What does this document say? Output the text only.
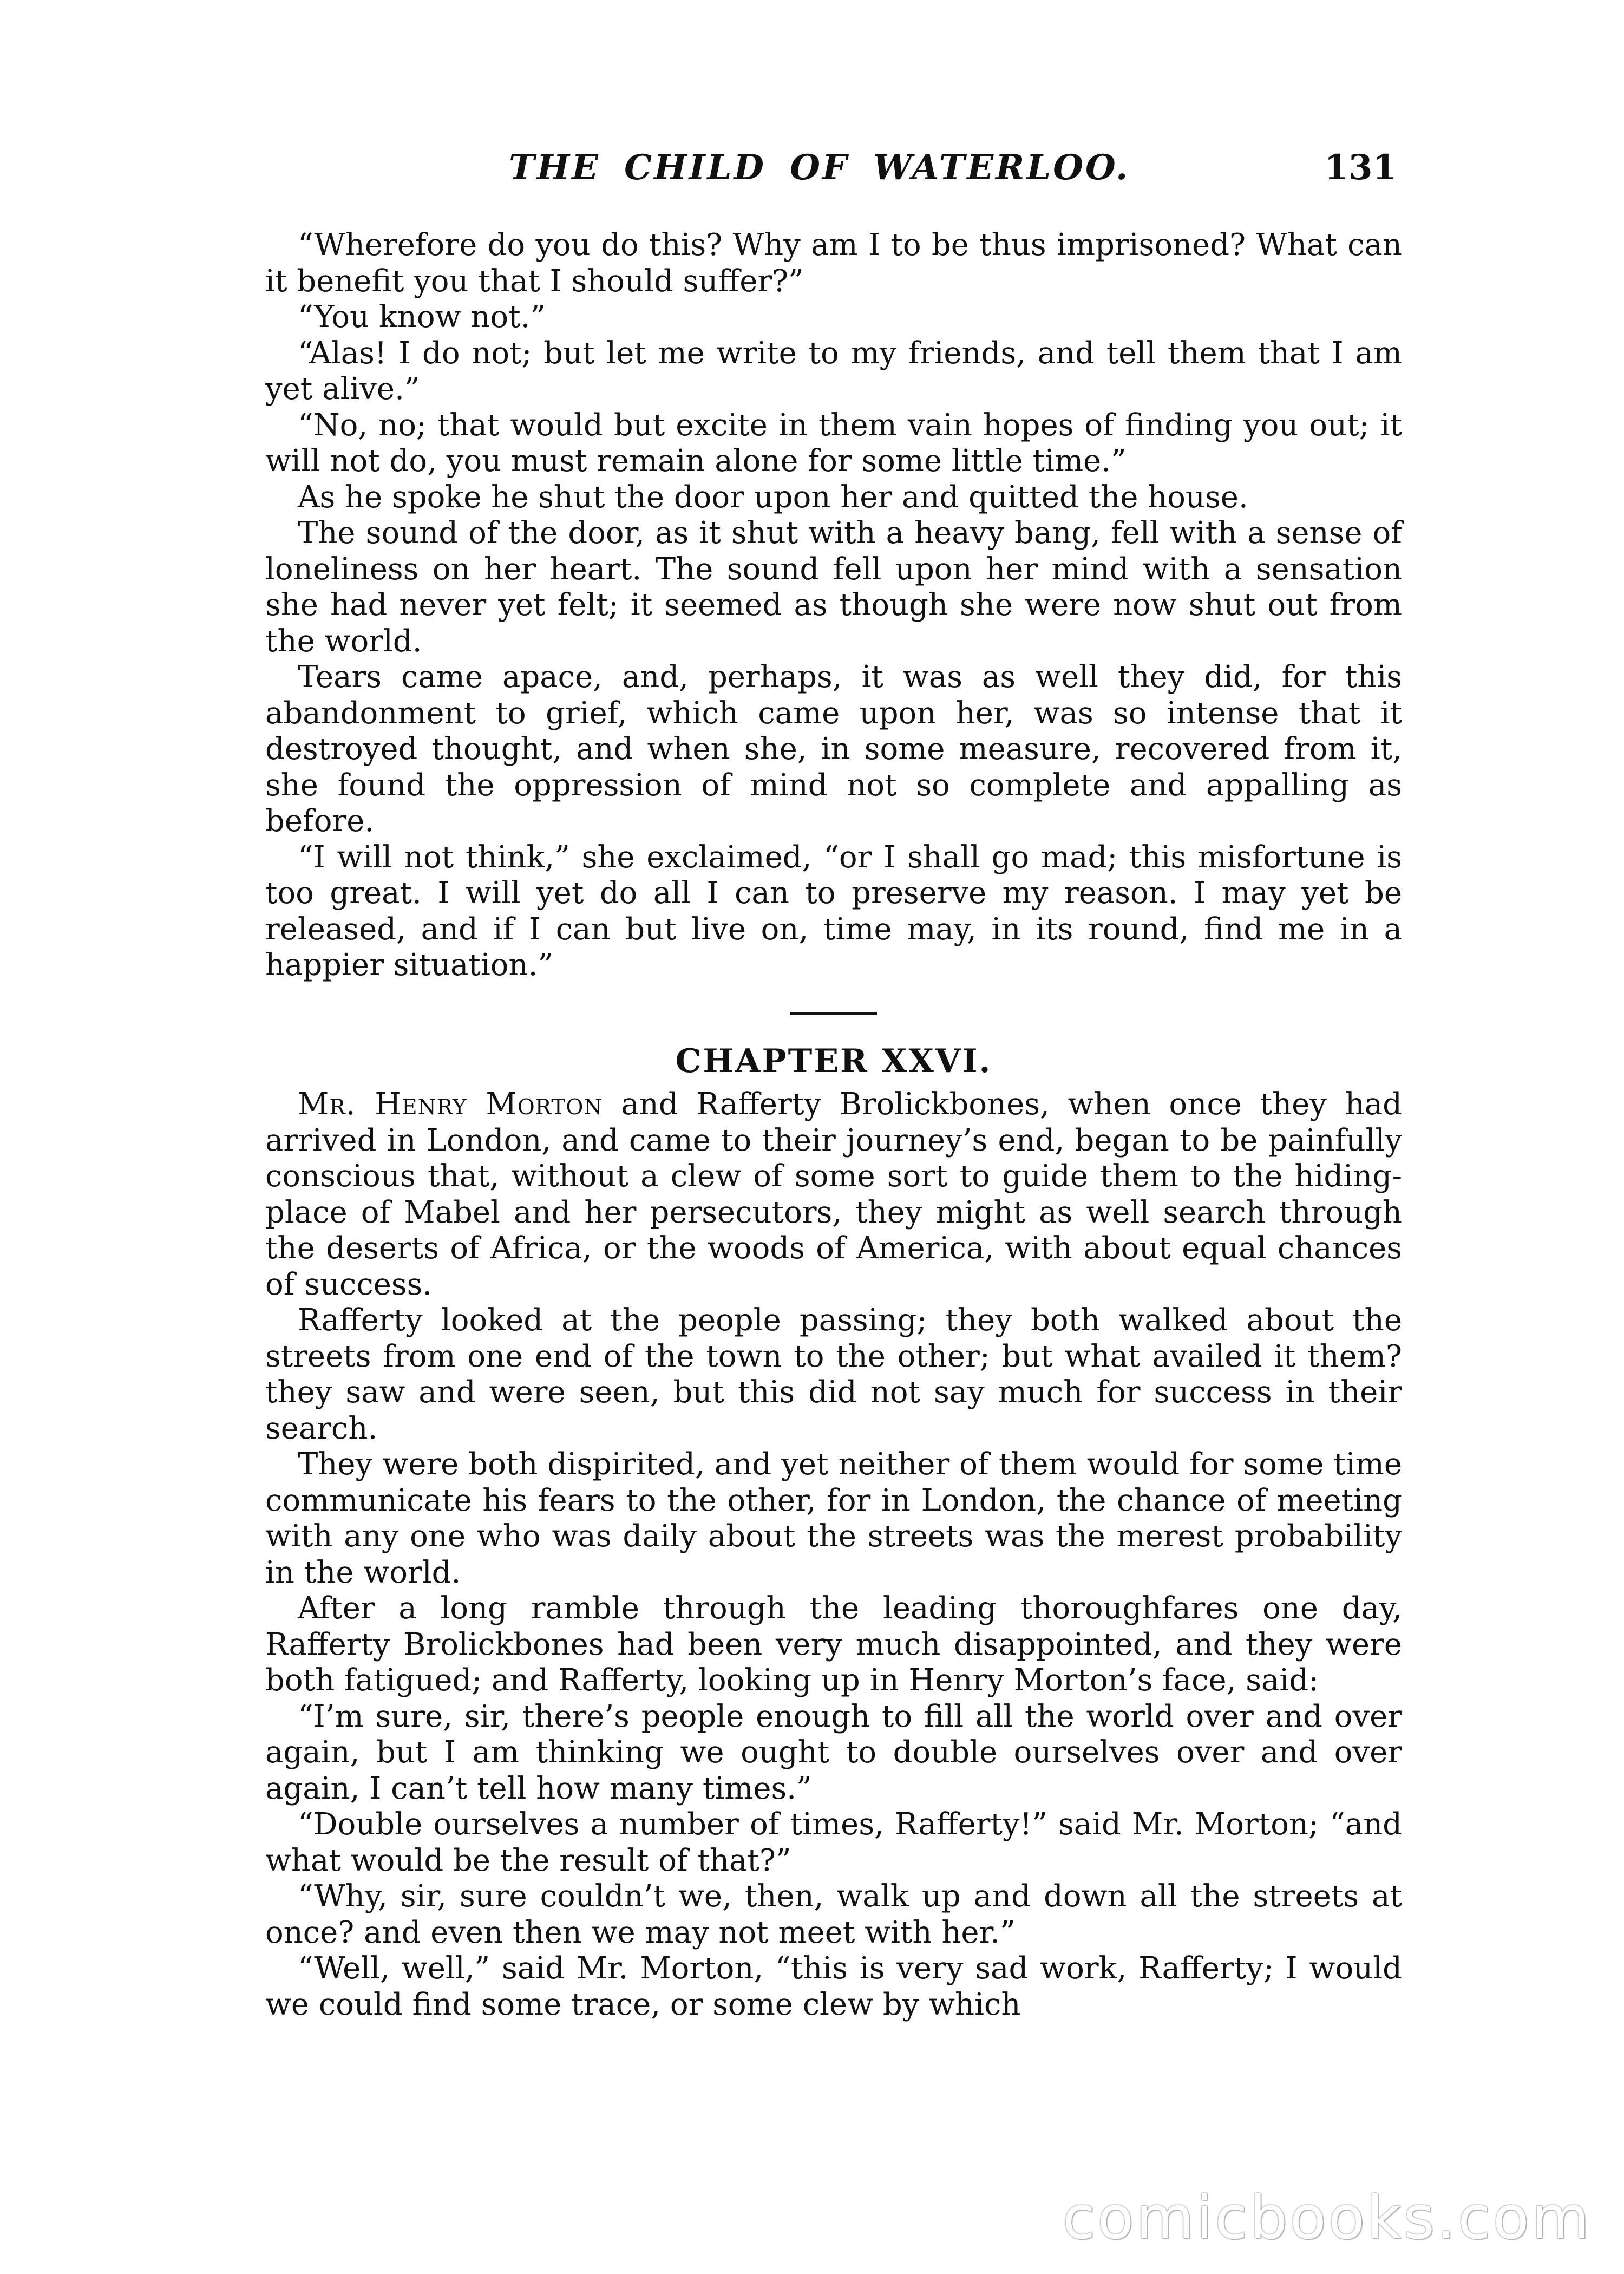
THE CHILD OF WATERLOO.	131

“Wherefore do you do this? Why am I to be thus imprisoned? What can it benefit you that I should suffer?”

“You know not.”

“Alas! I do not; but let me write to my friends, and tell them that I am yet alive.”

“No, no; that would but excite in them vain hopes of finding you out; it will not do, you must remain alone for some little time.”

As he spoke he shut the door upon her and quitted the house.

The sound of the door, as it shut with a heavy bang, fell with a sense of loneliness on her heart. The sound fell upon her mind with a sensation she had never yet felt; it seemed as though she were now shut out from the world.

Tears came apace, and, perhaps, it was as well they did, for this abandonment to grief, which came upon her, was so intense that it destroyed thought, and when she, in some measure, recovered from it, she found the oppression of mind not so complete and appalling as before.

“I will not think,” she exclaimed, “or I shall go mad; this misfortune is too great. I will yet do all I can to preserve my reason. I may yet be released, and if I can but live on, time may, in its round, find me in a happier situation.”

CHAPTER XXVI.

Mr. Henry Morton and Rafferty Brolickbones, when once they had arrived in London, and came to their journey’s end, began to be painfully conscious that, without a clew of some sort to guide them to the hiding-place of Mabel and her persecutors, they might as well search through the deserts of Africa, or the woods of America, with about equal chances of success.

Rafferty looked at the people passing; they both walked about the streets from one end of the town to the other; but what availed it them? they saw and were seen, but this did not say much for success in their search.

They were both dispirited, and yet neither of them would for some time communicate his fears to the other, for in London, the chance of meeting with any one who was daily about the streets was the merest probability in the world.

After a long ramble through the leading thoroughfares one day, Rafferty Brolickbones had been very much disappointed, and they were both fatigued; and Rafferty, looking up in Henry Morton’s face, said:

“I’m sure, sir, there’s people enough to fill all the world over and over again, but I am thinking we ought to double ourselves over and over again, I can’t tell how many times.”

“Double ourselves a number of times, Rafferty!” said Mr. Morton; “and what would be the result of that?”

“Why, sir, sure couldn’t we, then, walk up and down all the streets at once? and even then we may not meet with her.”

“Well, well,” said Mr. Morton, “this is very sad work, Rafferty; I would we could find some trace, or some clew by which

comicbooks.com
